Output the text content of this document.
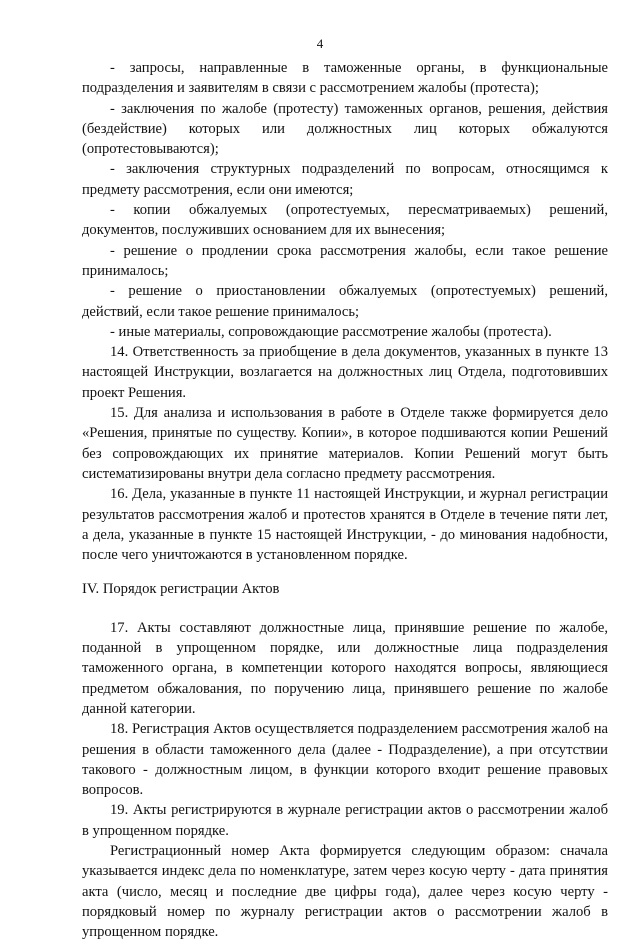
4

- запросы, направленные в таможенные органы, в функциональные подразделения и заявителям в связи с рассмотрением жалобы (протеста);

- заключения по жалобе (протесту) таможенных органов, решения, действия (бездействие) которых или должностных лиц которых обжалуются (опротестовываются);

- заключения структурных подразделений по вопросам, относящимся к предмету рассмотрения, если они имеются;

- копии обжалуемых (опротестуемых, пересматриваемых) решений, документов, послуживших основанием для их вынесения;

- решение о продлении срока рассмотрения жалобы, если такое решение принималось;

- решение о приостановлении обжалуемых (опротестуемых) решений, действий, если такое решение принималось;

- иные материалы, сопровождающие рассмотрение жалобы (протеста).

14. Ответственность за приобщение в дела документов, указанных в пункте 13 настоящей Инструкции, возлагается на должностных лиц Отдела, подготовивших проект Решения.

15. Для анализа и использования в работе в Отделе также формируется дело «Решения, принятые по существу. Копии», в которое подшиваются копии Решений без сопровождающих их принятие материалов. Копии Решений могут быть систематизированы внутри дела согласно предмету рассмотрения.

16. Дела, указанные в пункте 11 настоящей Инструкции, и журнал регистрации результатов рассмотрения жалоб и протестов хранятся в Отделе в течение пяти лет, а дела, указанные в пункте 15 настоящей Инструкции, - до минования надобности, после чего уничтожаются в установленном порядке.

IV. Порядок регистрации Актов

17. Акты составляют должностные лица, принявшие решение по жалобе, поданной в упрощенном порядке, или должностные лица подразделения таможенного органа, в компетенции которого находятся вопросы, являющиеся предметом обжалования, по поручению лица, принявшего решение по жалобе данной категории.

18. Регистрация Актов осуществляется подразделением рассмотрения жалоб на решения в области таможенного дела (далее - Подразделение), а при отсутствии такового - должностным лицом, в функции которого входит решение правовых вопросов.

19. Акты регистрируются в журнале регистрации актов о рассмотрении жалоб в упрощенном порядке.

Регистрационный номер Акта формируется следующим образом: сначала указывается индекс дела по номенклатуре, затем через косую черту - дата принятия акта (число, месяц и последние две цифры года), далее через косую черту - порядковый номер по журналу регистрации актов о рассмотрении жалоб в упрощенном порядке.
